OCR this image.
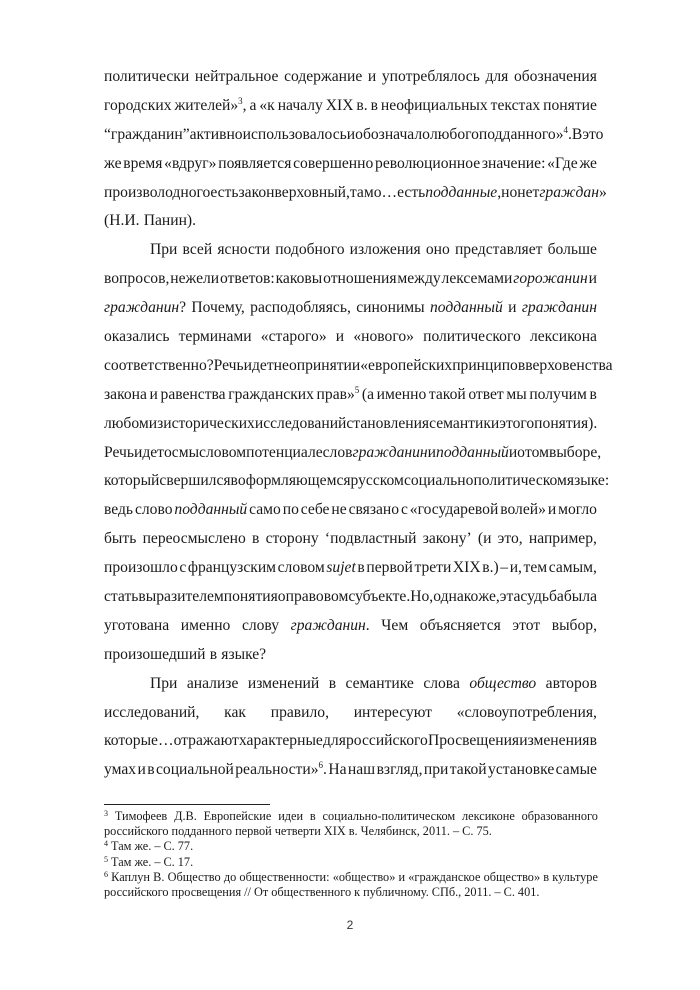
политически нейтральное содержание и употреблялось для обозначения
городских жителей»$^3$, а «к началу XIX в. в неофициальных текстах понятие
“гражданин” активно использовалось и обозначало любого подданного»$^4$. В это
же время «вдруг» появляется совершенно революционное значение: «Где же
произвол одного есть закон верховный, тамо…есть подданные, но нет граждан»
(Н.И. Панин).
При всей ясности подобного изложения оно представляет больше
вопросов, нежели ответов: каковы отношения между лексемами горожанин и
гражданин? Почему, расподобляясь, синонимы подданный и гражданин
оказались терминами «старого» и «нового» политического лексикона
соответственно? Речь идет не о принятии «европейских принципов верховенства
закона и равенства гражданских прав»$^5$ (а именно такой ответ мы получим в
любом из исторических исследований становления семантики этого понятия).
Речь идет о смысловом потенциале слов гражданин и подданный и о том выборе,
который свершился в оформляющемся русском социально политическом языке:
ведь слово подданный само по себе не связано с «государевой волей» и могло
быть переосмыслено в сторону ‘подвластный закону’ (и это, например,
произошло с французским словом sujet в первой трети XIX в.) – и, тем самым,
стать выразителем понятия о правовом субъекте. Но, однако же, эта судьба была
уготована именно слову гражданин. Чем объясняется этот выбор,
произошедший в языке?
При анализе изменений в семантике слова общество авторов
исследований, как правило, интересуют «словоупотребления,
которые…отражают характерные для российского Просвещения изменения в
умах и в социальной реальности»$^6$. На наш взгляд, при такой установке самые
$^3$ Тимофеев Д.В. Европейские идеи в социально-политическом лексиконе образованного
российского подданного первой четверти XIX в. Челябинск, 2011. – С. 75.
$^4$ Там же. – С. 77.
$^5$ Там же. – С. 17.
$^6$ Каплун В. Общество до общественности: «общество» и «гражданское общество» в культуре
российского просвещения // От общественного к публичному. СПб., 2011. – С. 401.
2
